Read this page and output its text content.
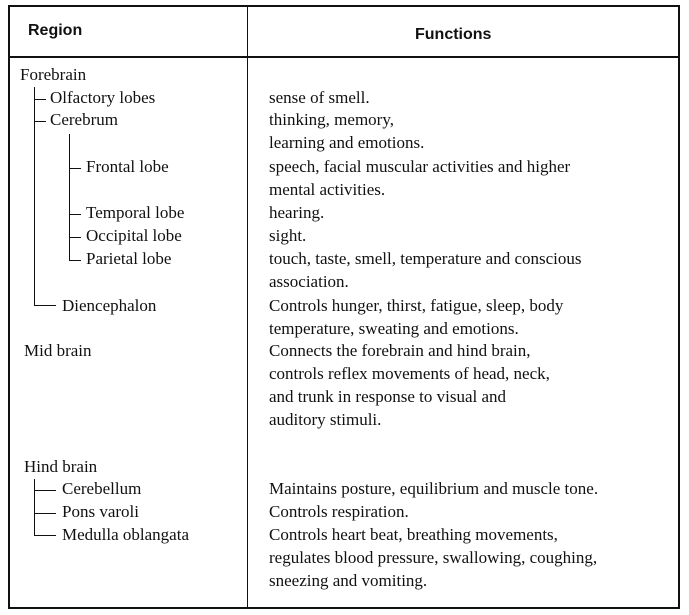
Region	Functions
Forebrain
Olfactory lobes
Cerebrum
Frontal lobe
Temporal lobe
Occipital lobe
Parietal lobe
Diencephalon
Mid brain
Hind brain
Cerebellum
Pons varoli
Medulla oblangata
sense of smell.
thinking, memory,
learning and emotions.
speech, facial muscular activities and higher
mental activities.
hearing.
sight.
touch, taste, smell, temperature and conscious
association.
Controls hunger, thirst, fatigue, sleep, body
temperature, sweating and emotions.
Connects the forebrain and hind brain,
controls reflex movements of head, neck,
and trunk in response to visual and
auditory stimuli.
Maintains posture, equilibrium and muscle tone.
Controls respiration.
Controls heart beat, breathing movements,
regulates blood pressure, swallowing, coughing,
sneezing and vomiting.
